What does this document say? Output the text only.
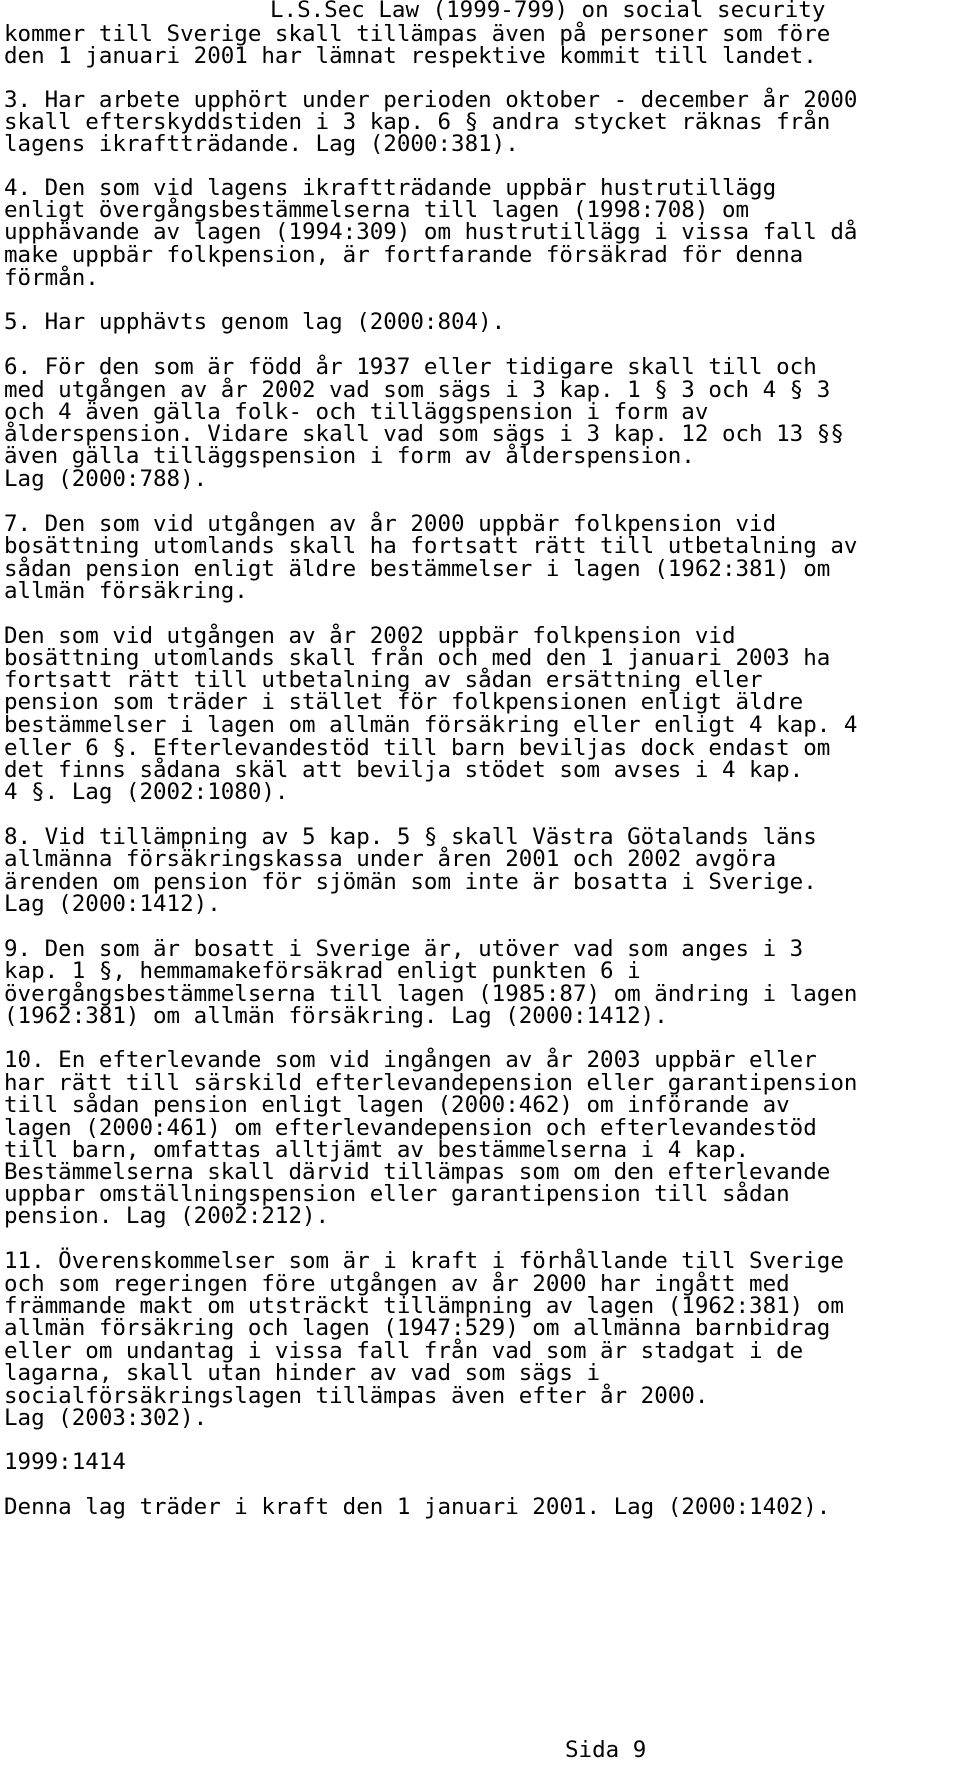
L.S.Sec Law (1999-799) on social security
kommer till Sverige skall tillämpas även på personer som före
den 1 januari 2001 har lämnat respektive kommit till landet.
3. Har arbete upphört under perioden oktober - december år 2000
skall efterskyddstiden i 3 kap. 6 § andra stycket räknas från
lagens ikraftträdande. Lag (2000:381).
4. Den som vid lagens ikraftträdande uppbär hustrutillägg
enligt övergångsbestämmelserna till lagen (1998:708) om
upphävande av lagen (1994:309) om hustrutillägg i vissa fall då
make uppbär folkpension, är fortfarande försäkrad för denna
förmån.
5. Har upphävts genom lag (2000:804).
6. För den som är född år 1937 eller tidigare skall till och
med utgången av år 2002 vad som sägs i 3 kap. 1 § 3 och 4 § 3
och 4 även gälla folk- och tilläggspension i form av
ålderspension. Vidare skall vad som sägs i 3 kap. 12 och 13 §§
även gälla tilläggspension i form av ålderspension.
Lag (2000:788).
7. Den som vid utgången av år 2000 uppbär folkpension vid
bosättning utomlands skall ha fortsatt rätt till utbetalning av
sådan pension enligt äldre bestämmelser i lagen (1962:381) om
allmän försäkring.
Den som vid utgången av år 2002 uppbär folkpension vid
bosättning utomlands skall från och med den 1 januari 2003 ha
fortsatt rätt till utbetalning av sådan ersättning eller
pension som träder i stället för folkpensionen enligt äldre
bestämmelser i lagen om allmän försäkring eller enligt 4 kap. 4
eller 6 §. Efterlevandestöd till barn beviljas dock endast om
det finns sådana skäl att bevilja stödet som avses i 4 kap.
4 §. Lag (2002:1080).
8. Vid tillämpning av 5 kap. 5 § skall Västra Götalands läns
allmänna försäkringskassa under åren 2001 och 2002 avgöra
ärenden om pension för sjömän som inte är bosatta i Sverige.
Lag (2000:1412).
9. Den som är bosatt i Sverige är, utöver vad som anges i 3
kap. 1 §, hemmamakeförsäkrad enligt punkten 6 i
övergångsbestämmelserna till lagen (1985:87) om ändring i lagen
(1962:381) om allmän försäkring. Lag (2000:1412).
10. En efterlevande som vid ingången av år 2003 uppbär eller
har rätt till särskild efterlevandepension eller garantipension
till sådan pension enligt lagen (2000:462) om införande av
lagen (2000:461) om efterlevandepension och efterlevandestöd
till barn, omfattas alltjämt av bestämmelserna i 4 kap.
Bestämmelserna skall därvid tillämpas som om den efterlevande
uppbar omställningspension eller garantipension till sådan
pension. Lag (2002:212).
11. Överenskommelser som är i kraft i förhållande till Sverige
och som regeringen före utgången av år 2000 har ingått med
främmande makt om utsträckt tillämpning av lagen (1962:381) om
allmän försäkring och lagen (1947:529) om allmänna barnbidrag
eller om undantag i vissa fall från vad som är stadgat i de
lagarna, skall utan hinder av vad som sägs i
socialförsäkringslagen tillämpas även efter år 2000.
Lag (2003:302).
1999:1414
Denna lag träder i kraft den 1 januari 2001. Lag (2000:1402).
Sida 9
